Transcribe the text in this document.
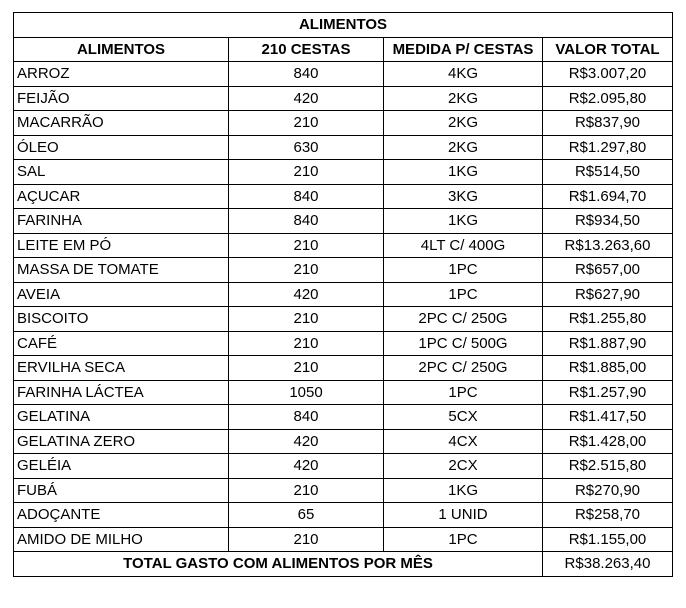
ALIMENTOS			
ALIMENTOS	210 CESTAS	MEDIDA P/ CESTAS	VALOR TOTAL
ARROZ	840	4KG	R$3.007,20
FEIJÃO	420	2KG	R$2.095,80
MACARRÃO	210	2KG	R$837,90
ÓLEO	630	2KG	R$1.297,80
SAL	210	1KG	R$514,50
AÇUCAR	840	3KG	R$1.694,70
FARINHA	840	1KG	R$934,50
LEITE EM PÓ	210	4LT C/ 400G	R$13.263,60
MASSA DE TOMATE	210	1PC	R$657,00
AVEIA	420	1PC	R$627,90
BISCOITO	210	2PC C/ 250G	R$1.255,80
CAFÉ	210	1PC C/ 500G	R$1.887,90
ERVILHA SECA	210	2PC C/ 250G	R$1.885,00
FARINHA LÁCTEA	1050	1PC	R$1.257,90
GELATINA	840	5CX	R$1.417,50
GELATINA ZERO	420	4CX	R$1.428,00
GELÉIA	420	2CX	R$2.515,80
FUBÁ	210	1KG	R$270,90
ADOÇANTE	65	1 UNID	R$258,70
AMIDO DE MILHO	210	1PC	R$1.155,00
TOTAL GASTO COM ALIMENTOS POR MÊS			R$38.263,40
